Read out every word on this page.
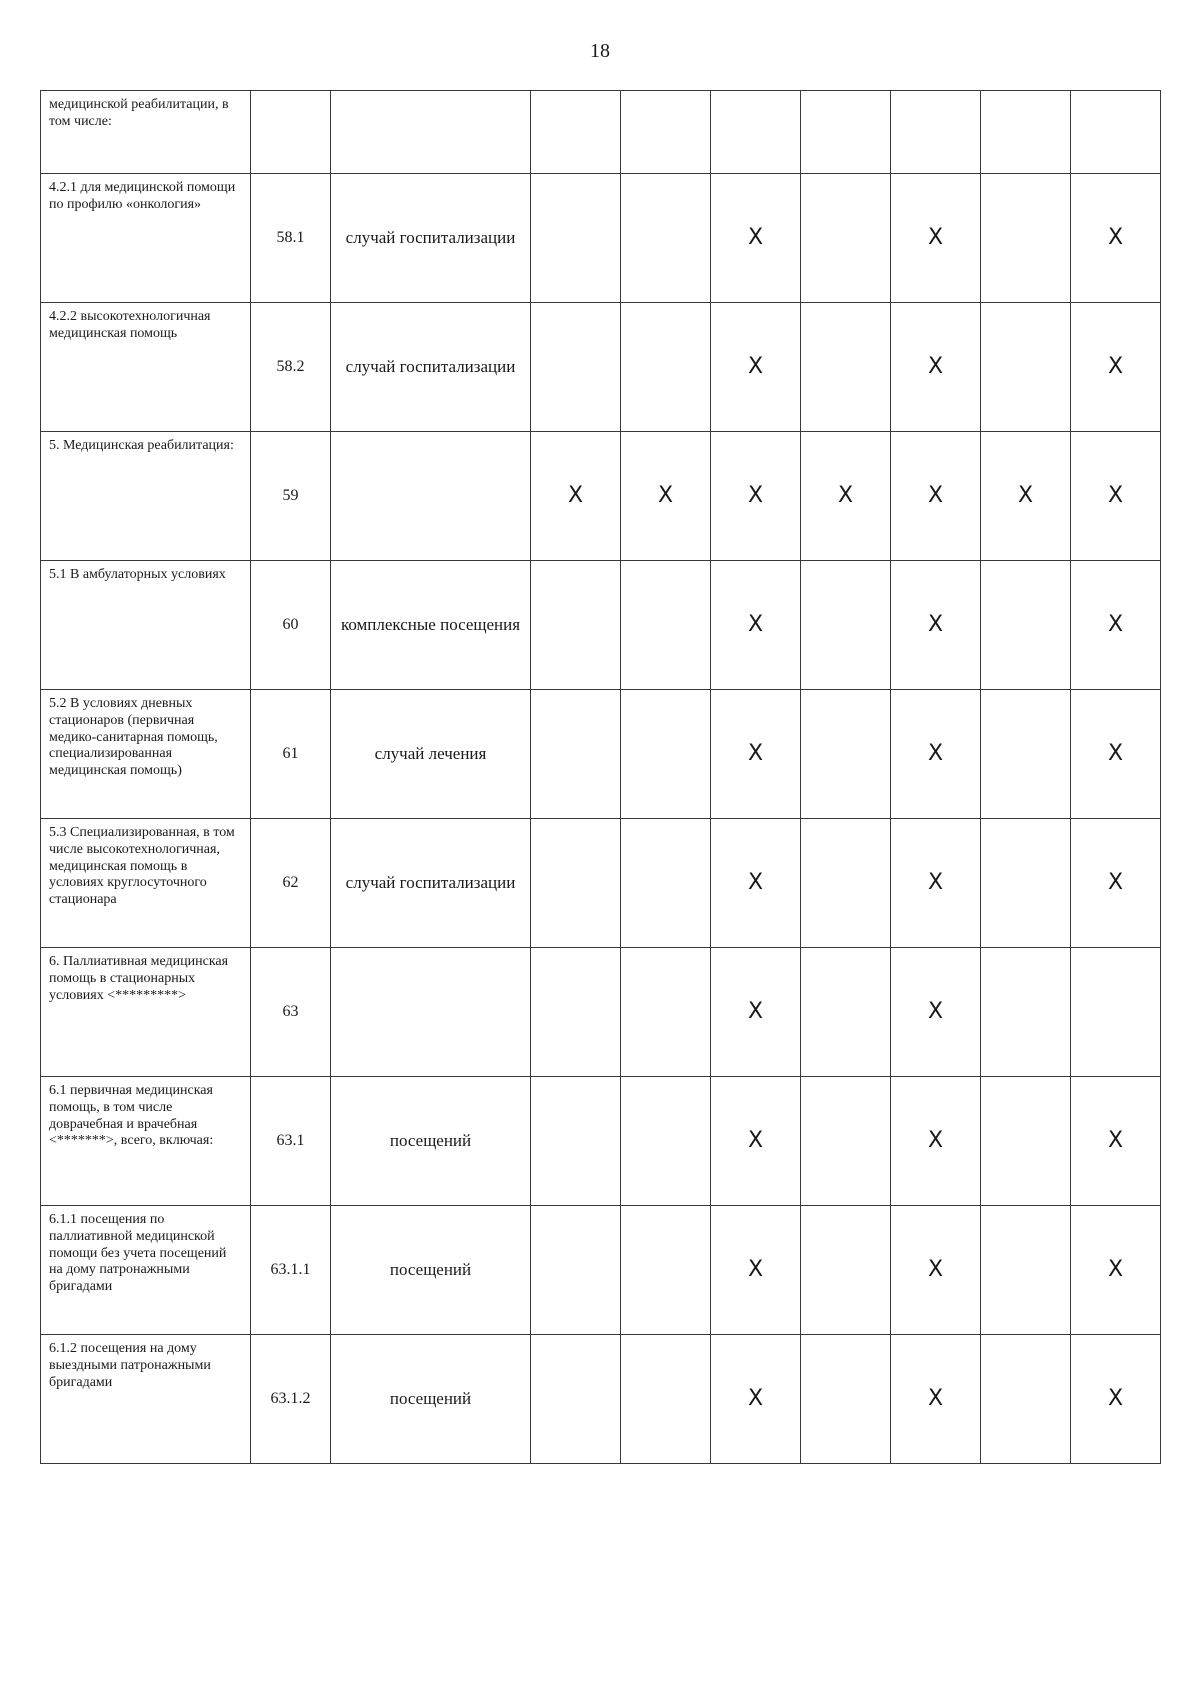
18
медицинской реабилитации, в том числе:									
4.2.1 для медицинской помощи по профилю «онкология»	58.1	случай госпитализации			X		X		X
4.2.2 высокотехнологичная медицинская помощь	58.2	случай госпитализации			X		X		X
5. Медицинская реабилитация:	59		X	X	X	X	X	X	X
5.1 В амбулаторных условиях	60	комплексные посещения			X		X		X
5.2 В условиях дневных стационаров (первичная медико-санитарная помощь, специализированная медицинская помощь)	61	случай лечения			X		X		X
5.3 Специализированная, в том числе высокотехнологичная, медицинская помощь в условиях круглосуточного стационара	62	случай госпитализации			X		X		X
6. Паллиативная медицинская помощь в стационарных условиях <*********>	63				X		X		
6.1 первичная медицинская помощь, в том числе доврачебная и врачебная <*******>, всего, включая:	63.1	посещений			X		X		X
6.1.1 посещения по паллиативной медицинской помощи без учета посещений на дому патронажными бригадами	63.1.1	посещений			X		X		X
6.1.2 посещения на дому выездными патронажными бригадами	63.1.2	посещений			X		X		X
